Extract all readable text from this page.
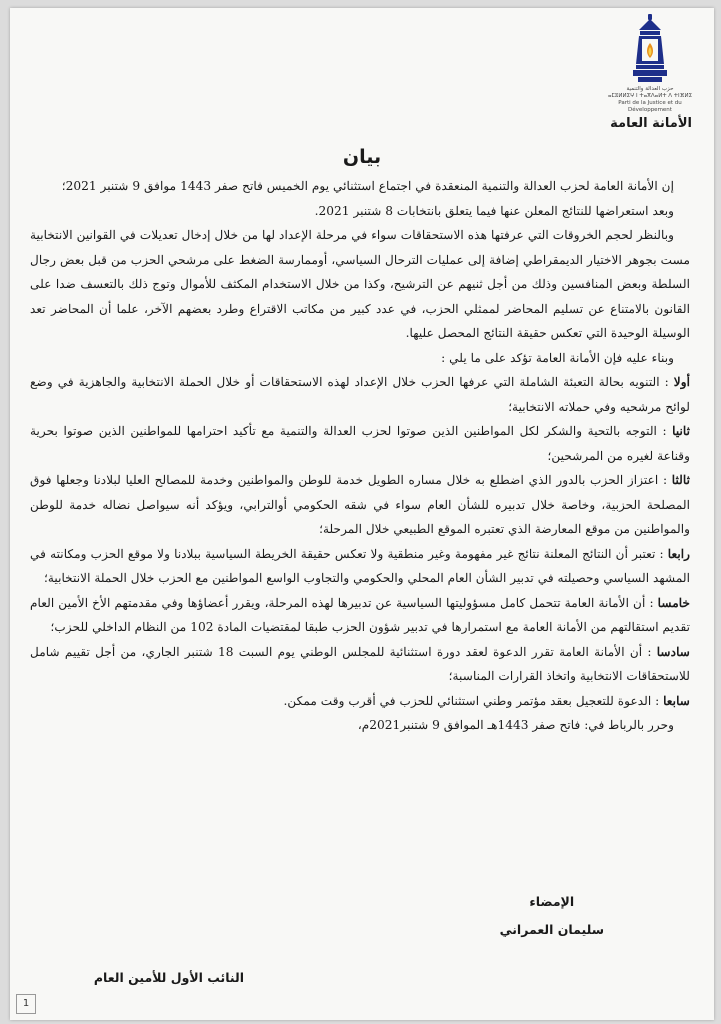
حزب العدالة والتنمية
ⴰⵎⵓⵍⵍⵉⵖ ⵏ ⵜⴰⴳⴷⴰⵍⵜ ⴷ ⵜⵏⴼⵍⵉ
Parti de la Justice et du Développement
الأمانة العامة
بيان

إن الأمانة العامة لحزب العدالة والتنمية المنعقدة في اجتماع استثنائي يوم الخميس فاتح صفر 1443 موافق 9 شتنبر 2021؛

وبعد استعراضها للنتائج المعلن عنها فيما يتعلق بانتخابات 8 شتنبر 2021.

وبالنظر لحجم الخروقات التي عرفتها هذه الاستحقاقات سواء في مرحلة الإعداد لها من خلال إدخال تعديلات في القوانين الانتخابية مست بجوهر الاختيار الديمقراطي إضافة إلى عمليات الترحال السياسي، أوممارسة الضغط على مرشحي الحزب من قبل بعض رجال السلطة وبعض المنافسين وذلك من أجل ثنيهم عن الترشيح، وكذا من خلال الاستخدام المكثف للأموال وتوج ذلك بالتعسف ضدا على القانون بالامتناع عن تسليم المحاضر لممثلي الحزب، في عدد كبير من مكاتب الاقتراع وطرد بعضهم الآخر، علما أن المحاضر تعد الوسيلة الوحيدة التي تعكس حقيقة النتائج المحصل عليها.

وبناء عليه فإن الأمانة العامة تؤكد على ما يلي :

أولا : التنويه بحالة التعبئة الشاملة التي عرفها الحزب خلال الإعداد لهذه الاستحقاقات أو خلال الحملة الانتخابية والجاهزية في وضع لوائح مرشحيه وفي حملاته الانتخابية؛

ثانيا : التوجه بالتحية والشكر لكل المواطنين الذين صوتوا لحزب العدالة والتنمية مع تأكيد احترامها للمواطنين الذين صوتوا بحرية وقناعة لغيره من المرشحين؛

ثالثا : اعتزاز الحزب بالدور الذي اضطلع به خلال مساره الطويل خدمة للوطن والمواطنين وخدمة للمصالح العليا لبلادنا وجعلها فوق المصلحة الحزبية، وخاصة خلال تدبيره للشأن العام سواء في شقه الحكومي أوالترابي، ويؤكد أنه سيواصل نضاله خدمة للوطن والمواطنين من موقع المعارضة الذي تعتبره الموقع الطبيعي خلال المرحلة؛

رابعا : تعتبر أن النتائج المعلنة نتائج غير مفهومة وغير منطقية ولا تعكس حقيقة الخريطة السياسية ببلادنا ولا موقع الحزب ومكانته في المشهد السياسي وحصيلته في تدبير الشأن العام المحلي والحكومي والتجاوب الواسع المواطنين مع الحزب خلال الحملة الانتخابية؛

خامسا : أن الأمانة العامة تتحمل كامل مسؤوليتها السياسية عن تدبيرها لهذه المرحلة، ويقرر أعضاؤها وفي مقدمتهم الأخ الأمين العام تقديم استقالتهم من الأمانة العامة مع استمرارها في تدبير شؤون الحزب طبقا لمقتضيات المادة 102 من النظام الداخلي للحزب؛

سادسا : أن الأمانة العامة تقرر الدعوة لعقد دورة استثنائية للمجلس الوطني يوم السبت 18 شتنبر الجاري، من أجل تقييم شامل للاستحقاقات الانتخابية واتخاذ القرارات المناسبة؛

سابعا : الدعوة للتعجيل بعقد مؤتمر وطني استثنائي للحزب في أقرب وقت ممكن.

وحرر بالرباط في: فاتح صفر 1443هـ الموافق 9 شتنبر2021م،

الإمضاء
سليمان العمراني
النائب الأول للأمين العام
1
